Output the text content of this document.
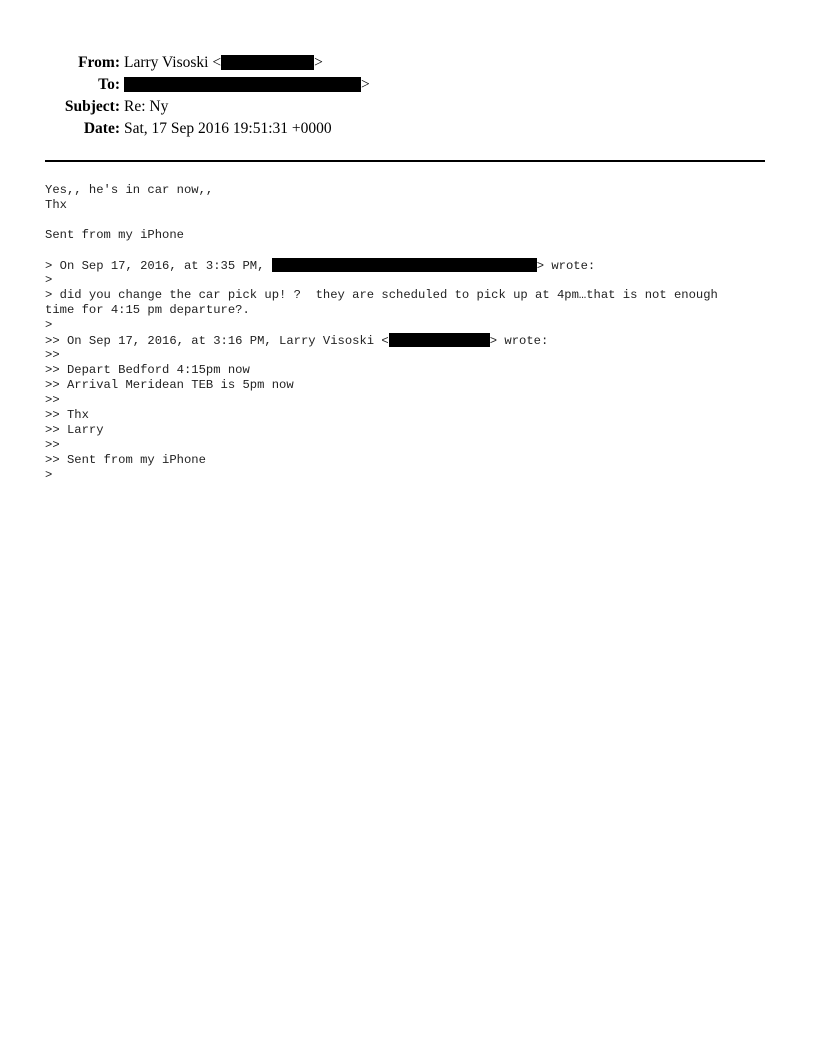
From: Larry Visoski <	>
To:	>
Subject: Re: Ny
Date: Sat, 17 Sep 2016 19:51:31 +0000
Yes,, he's in car now,,
Thx
Sent from my iPhone
> On Sep 17, 2016, at 3:35 PM,	> wrote:
>
> did you change the car pick up! ?  they are scheduled to pick up at 4pm…that is not enough
time for 4:15 pm departure?.
>
>> On Sep 17, 2016, at 3:16 PM, Larry Visoski <	> wrote:
>>
>> Depart Bedford 4:15pm now
>> Arrival Meridean TEB is 5pm now
>>
>> Thx
>> Larry
>>
>> Sent from my iPhone
>
